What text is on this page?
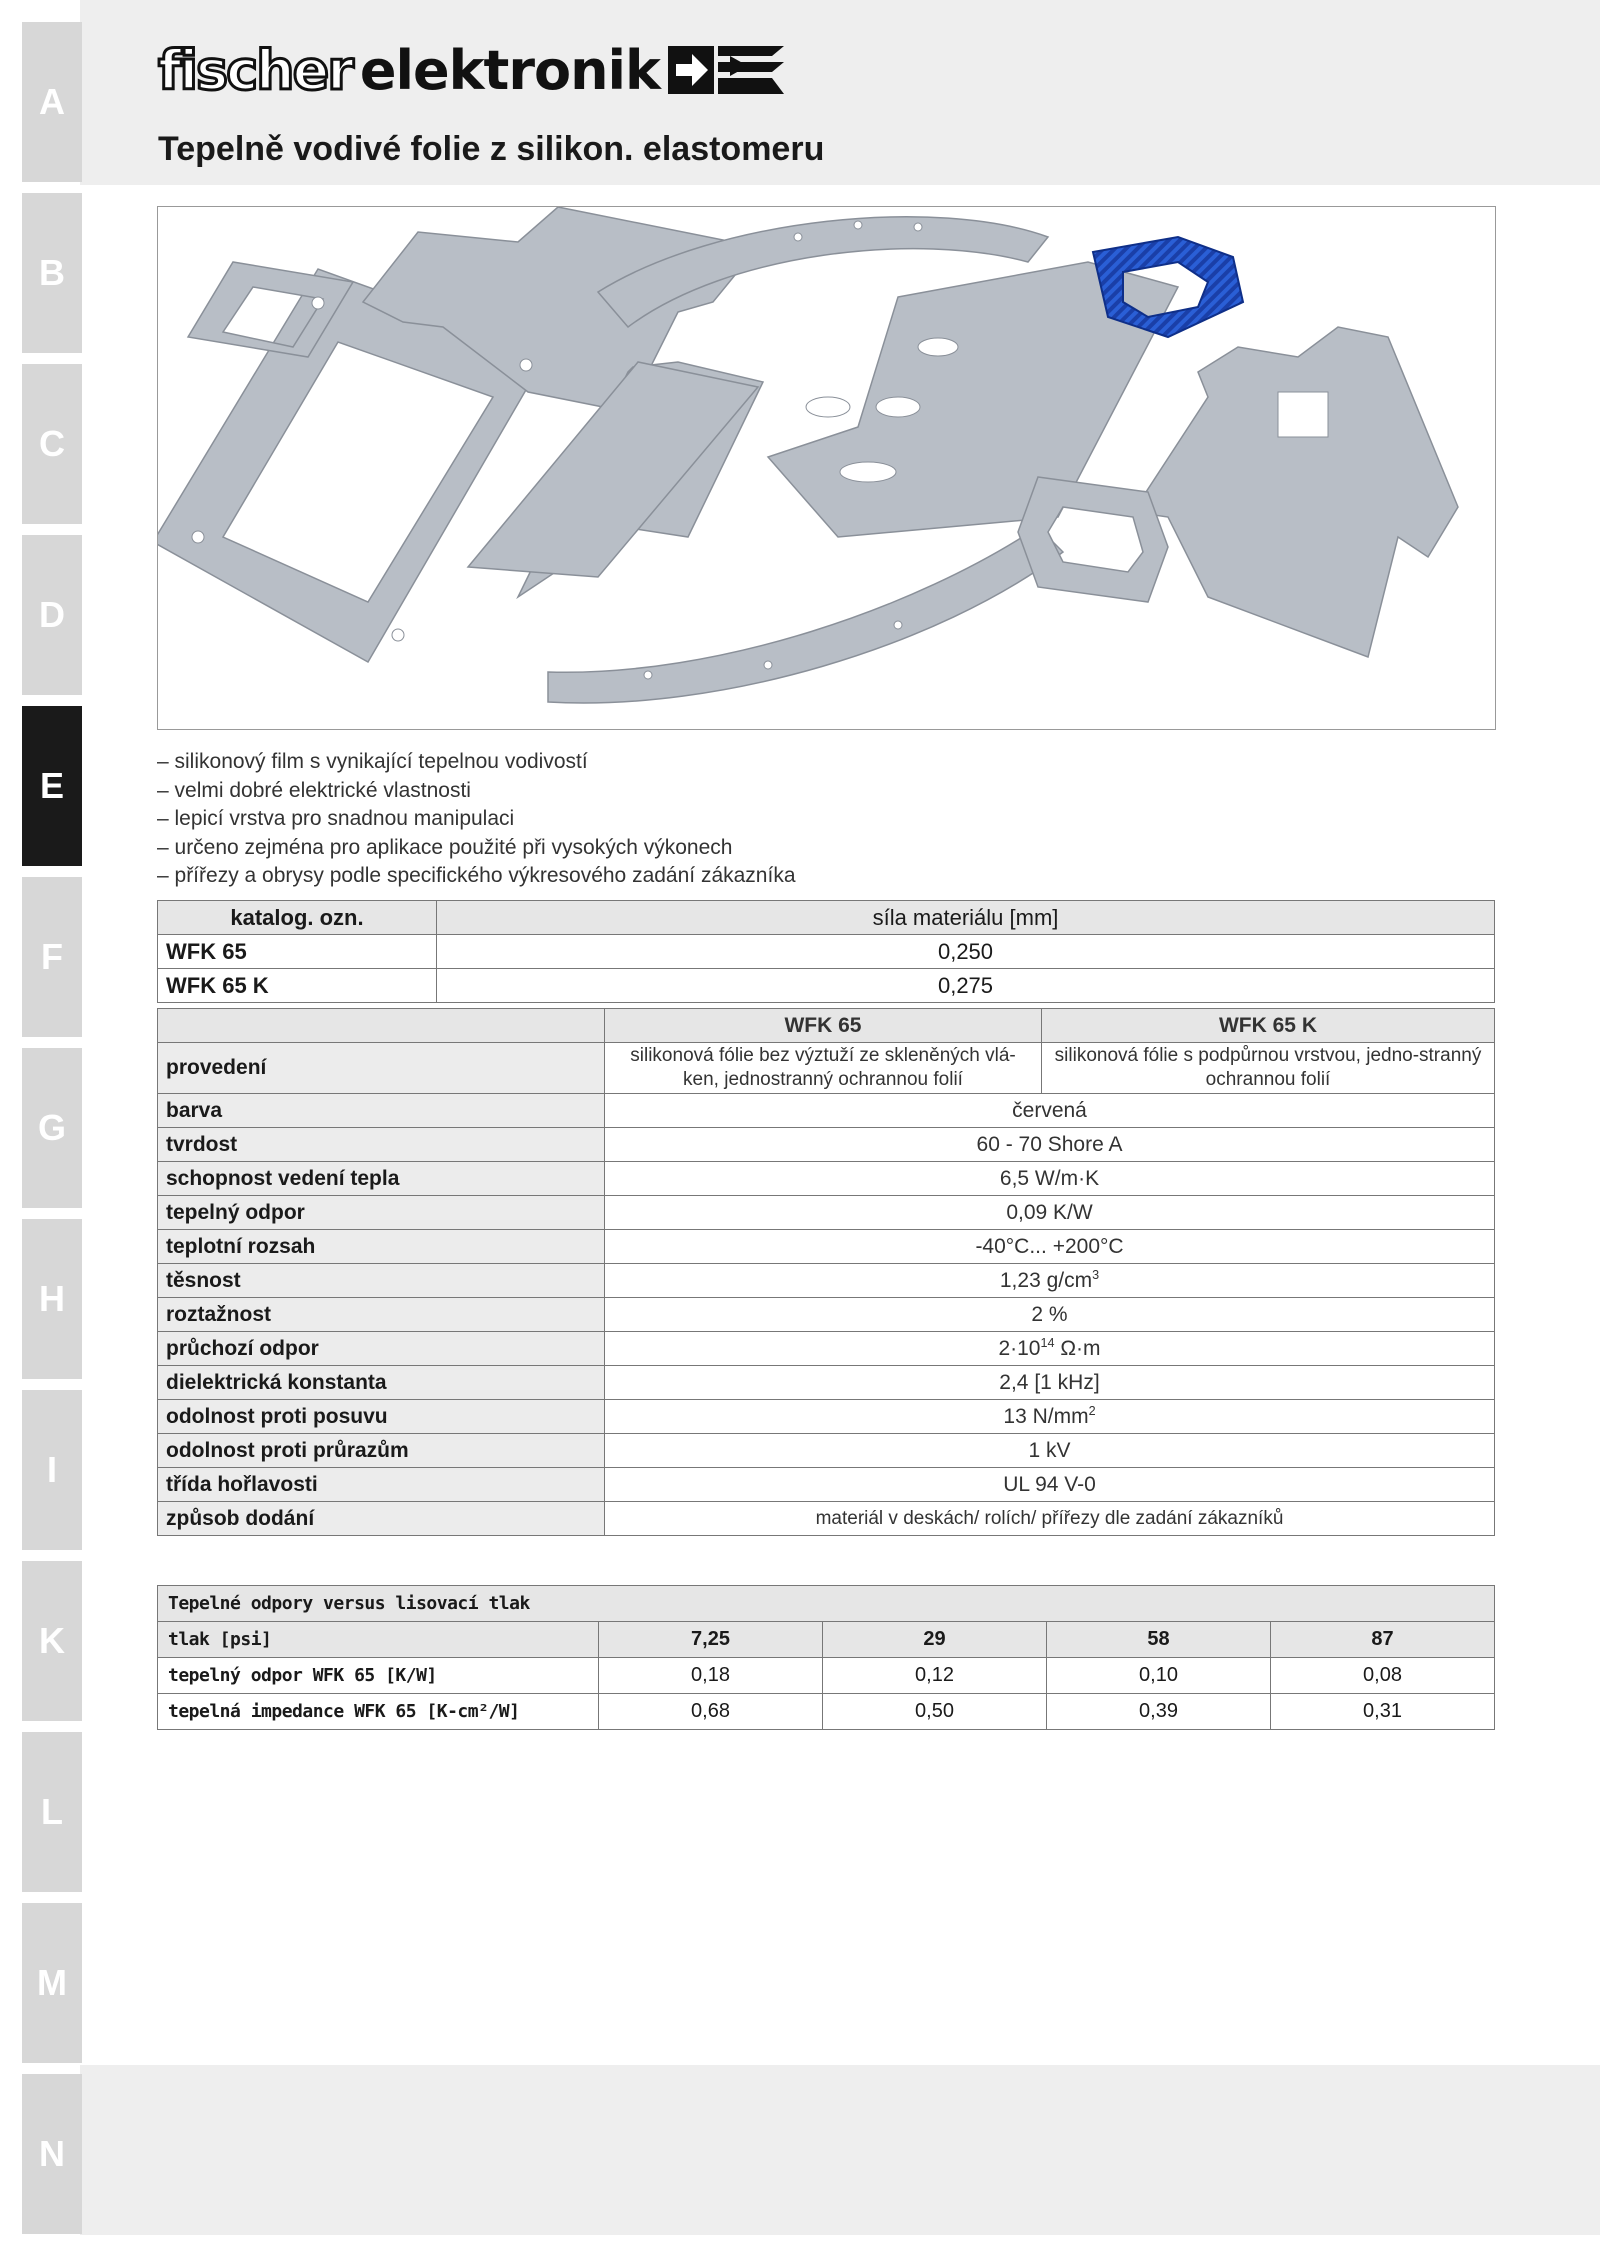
A
B
C
D
E
F
G
H
I
K
L
M
N
fischer elektronik
Tepelně vodivé folie z silikon. elastomeru
– silikonový film s vynikající tepelnou vodivostí
– velmi dobré elektrické vlastnosti
– lepicí vrstva pro snadnou manipulaci
– určeno zejména pro aplikace použité při vysokých výkonech
– přířezy a obrysy podle specifického výkresového zadání zákazníka
katalog. ozn.	síla materiálu [mm]
WFK 65	0,250
WFK 65 K	0,275
	WFK 65	WFK 65 K
provedení	silikonová fólie bez výztuží ze skleněných vlá-ken, jednostranný ochrannou folií	silikonová fólie s podpůrnou vrstvou, jedno-stranný ochrannou folií
barva	červená	
tvrdost	60 - 70 Shore A	
schopnost vedení tepla	6,5 W/m·K	
tepelný odpor	0,09 K/W	
teplotní rozsah	-40°C... +200°C	
těsnost	1,23 $g/cm^3$
roztažnost	2 %	
průchozí odpor	$2\cdot 10^{14}$ Ω·m	
dielektrická konstanta	2,4 [1 kHz]	
odolnost proti posuvu	13 $N/mm^2$
odolnost proti průrazům	1 kV	
třída hořlavosti	UL 94 V-0	
způsob dodání	materiál v deskách/ rolích/ přířezy dle zadání zákazníků	
Tepelné odpory versus lisovací tlak				
tlak [psi]	7,25	29	58	87
tepelný odpor WFK 65 [K/W]	0,18	0,12	0,10	0,08
tepelná impedance WFK 65 [K-cm²/W]	0,68	0,50	0,39	0,31
